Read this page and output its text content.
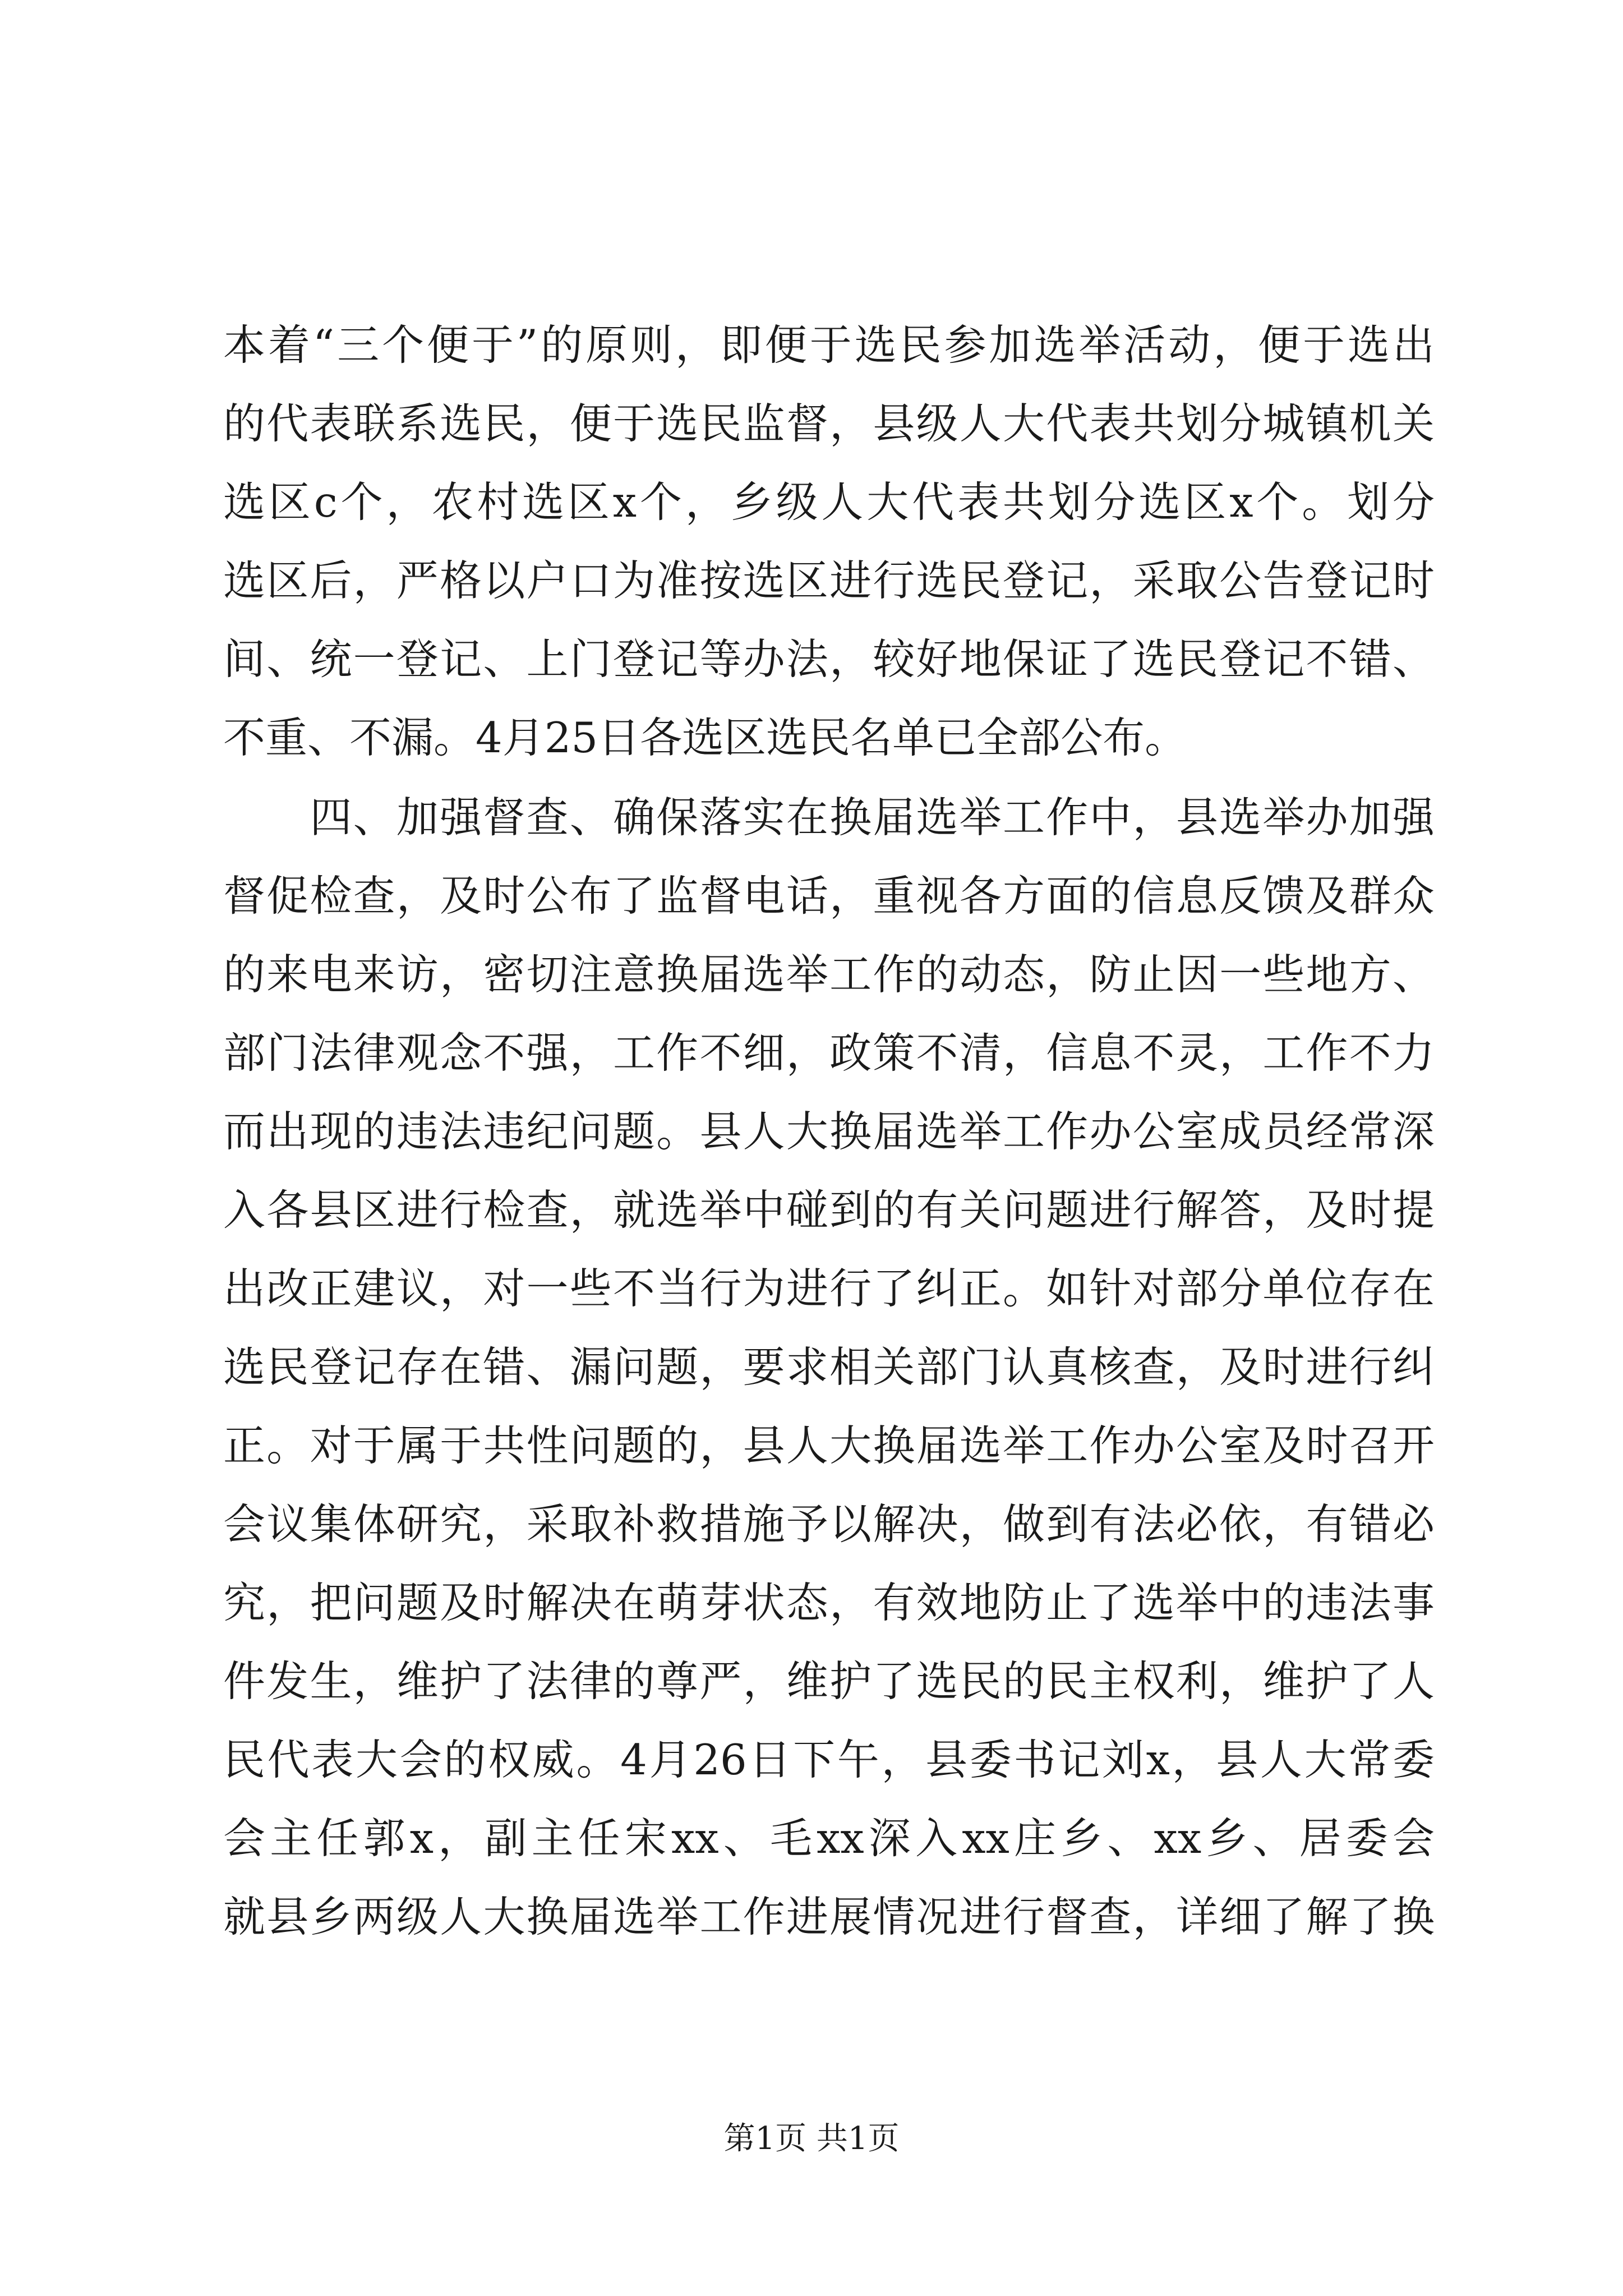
本着“三个便于”的原则，即便于选民参加选举活动，便于选出
的代表联系选民，便于选民监督，县级人大代表共划分城镇机关
选区c个，农村选区x个，乡级人大代表共划分选区x个。划分
选区后，严格以户口为准按选区进行选民登记，采取公告登记时
间、统一登记、上门登记等办法，较好地保证了选民登记不错、
不重、不漏。4月25日各选区选民名单已全部公布。
　　四、加强督查、确保落实在换届选举工作中，县选举办加强
督促检查，及时公布了监督电话，重视各方面的信息反馈及群众
的来电来访，密切注意换届选举工作的动态，防止因一些地方、
部门法律观念不强，工作不细，政策不清，信息不灵，工作不力
而出现的违法违纪问题。县人大换届选举工作办公室成员经常深
入各县区进行检查，就选举中碰到的有关问题进行解答，及时提
出改正建议，对一些不当行为进行了纠正。如针对部分单位存在
选民登记存在错、漏问题，要求相关部门认真核查，及时进行纠
正。对于属于共性问题的，县人大换届选举工作办公室及时召开
会议集体研究，采取补救措施予以解决，做到有法必依，有错必
究，把问题及时解决在萌芽状态，有效地防止了选举中的违法事
件发生，维护了法律的尊严，维护了选民的民主权利，维护了人
民代表大会的权威。4月26日下午，县委书记刘x，县人大常委
会主任郭x，副主任宋xx、毛xx深入xx庄乡、xx乡、居委会
就县乡两级人大换届选举工作进展情况进行督查，详细了解了换
第1页 共1页
